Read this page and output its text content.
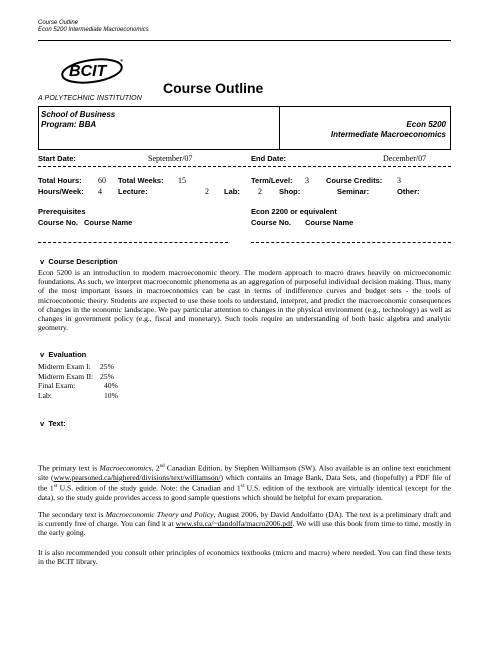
Course Outline
Econ 5200 Intermediate Macroeconomics
BCIT
*
Course Outline
A POLYTECHNIC INSTITUTION
School of Business
Program: BBA	Econ 5200
Intermediate Macroeconomics
Start Date:	September/07	End Date:	December/07
Total Hours: 60 Total Weeks: 15	Term/Level: 3 Course Credits: 3
Hours/Week: 4 Lecture:	2 Lab: 2 Shop:	Seminar:	Other:
Prerequisites
Course No. Course Name
Econ 2200 or equivalent
Course No. Course Name
v Course Description
Econ 5200 is an introduction to modern macroeconomic theory. The modern approach to macro draws heavily on microeconomic foundations. As such, we interpret macroeconomic phenomena as an aggregation of purposeful individual decision making. Thus, many of the most important issues in macroeconomics can be cast in terms of indifference curves and budget sets - the tools of microeconomic theory. Students are expected to use these tools to understand, interpret, and predict the macroeconomic consequences of changes in the economic landscape. We pay particular attention to changes in the physical environment (e.g., technology) as well as changes in government policy (e.g., fiscal and monetary). Such tools require an understanding of both basic algebra and analytic geometry.
v Evaluation
Midterm Exam I: 25%
Midterm Exam II: 25%
Final Exam:	40%
Lab:	10%
v Text:
The primary text is Macroeconomics, 2nd Canadian Edition, by Stephen Williamson (SW). Also available is an online text enrichment site (www.pearsoned.ca/highered/divisions/text/williamson/) which contains an Image Bank, Data Sets, and (hopefully) a PDF file of the 1st U.S. edition of the study guide. Note: the Canadian and 1st U.S. edition of the textbook are virtually identical (except for the data), so the study guide provides access to good sample questions which should be helpful for exam preparation.
The secondary text is Macroeconomic Theory and Policy, August 2006, by David Andolfatto (DA). The text is a preliminary draft and is currently free of charge. You can find it at www.sfu.ca/~dandolfa/macro2006.pdf. We will use this book from time to time, mostly in the early going.
It is also recommended you consult other principles of economics textbooks (micro and macro) where needed. You can find these texts in the BCIT library.
